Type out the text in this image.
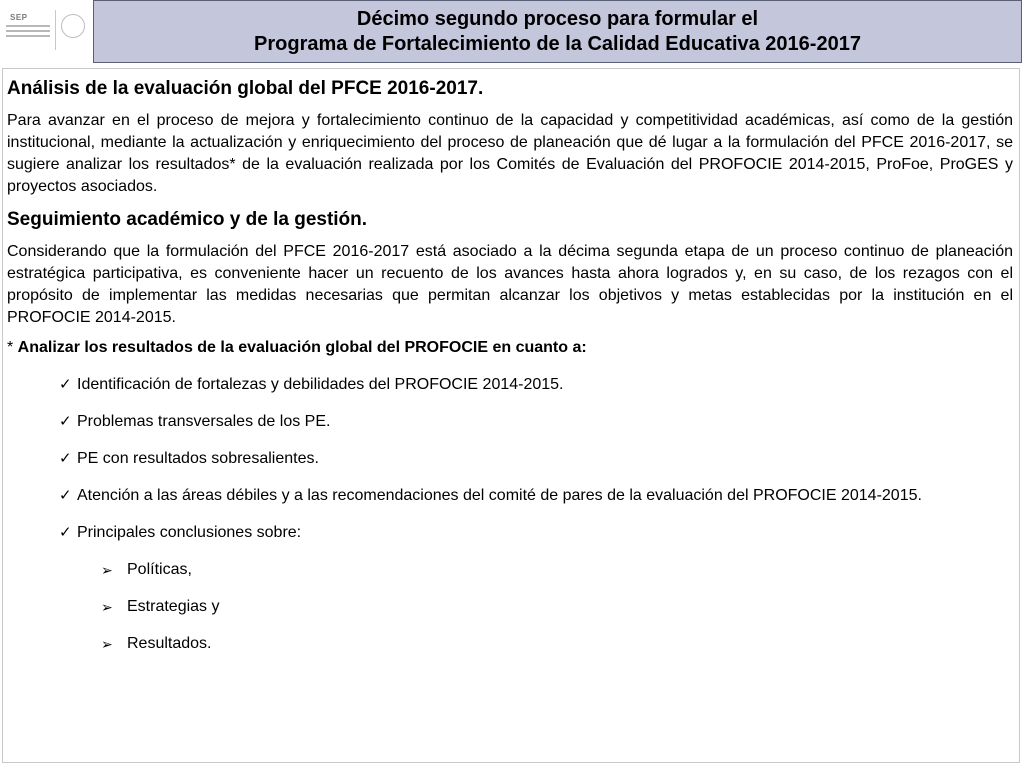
SEP	Décimo segundo proceso para formular el
Programa de Fortalecimiento de la Calidad Educativa 2016-2017
Análisis de la evaluación global del PFCE 2016-2017.

Para avanzar en el proceso de mejora y fortalecimiento continuo de la capacidad y competitividad académicas, así como de la gestión institucional, mediante la actualización y enriquecimiento del proceso de planeación que dé lugar a la formulación del PFCE 2016-2017, se sugiere analizar los resultados* de la evaluación realizada por los Comités de Evaluación del PROFOCIE 2014-2015, ProFoe, ProGES y proyectos asociados.

Seguimiento académico y de la gestión.

Considerando que la formulación del PFCE 2016-2017 está asociado a la décima segunda etapa de un proceso continuo de planeación estratégica participativa, es conveniente hacer un recuento de los avances hasta ahora logrados y, en su caso, de los rezagos con el propósito de implementar las medidas necesarias que permitan alcanzar los objetivos y metas establecidas por la institución en el PROFOCIE 2014-2015.

* Analizar los resultados de la evaluación global del PROFOCIE en cuanto a:

✓ Identificación de fortalezas y debilidades del PROFOCIE 2014-2015.
✓ Problemas transversales de los PE.
✓ PE con resultados sobresalientes.
✓ Atención a las áreas débiles y a las recomendaciones del comité de pares de la evaluación del PROFOCIE 2014-2015.
✓ Principales conclusiones sobre:
➢ Políticas,
➢ Estrategias y
➢ Resultados.
